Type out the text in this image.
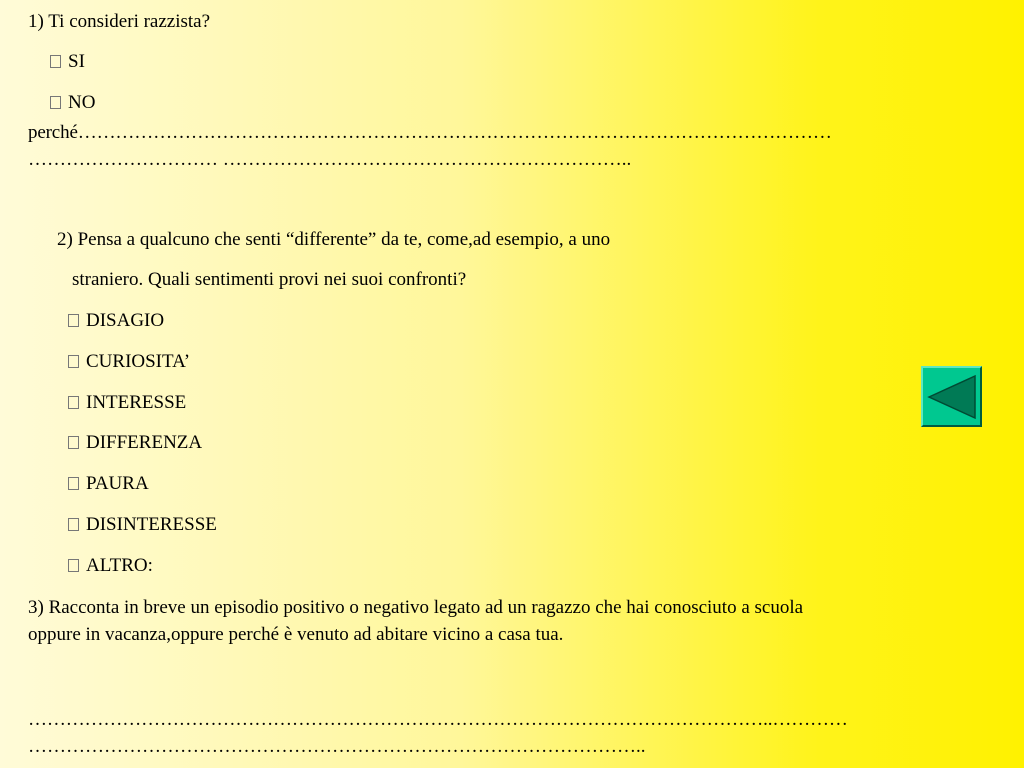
1) Ti consideri razzista?
SI
NO
perché…………………………………………………………………………………………………………
………………………… ………………………………………………………..
2) Pensa a qualcuno che senti “differente” da te, come,ad esempio, a uno
straniero. Quali sentimenti provi nei suoi confronti?
DISAGIO
CURIOSITA’
INTERESSE
DIFFERENZA
PAURA
DISINTERESSE
ALTRO:
3) Racconta in breve un episodio positivo o negativo legato ad un ragazzo che hai conosciuto a scuola
oppure in vacanza,oppure perché è venuto ad abitare vicino a casa tua.
………………………………………………………………………………………………………..…………
……………………………………………………………………………………..
